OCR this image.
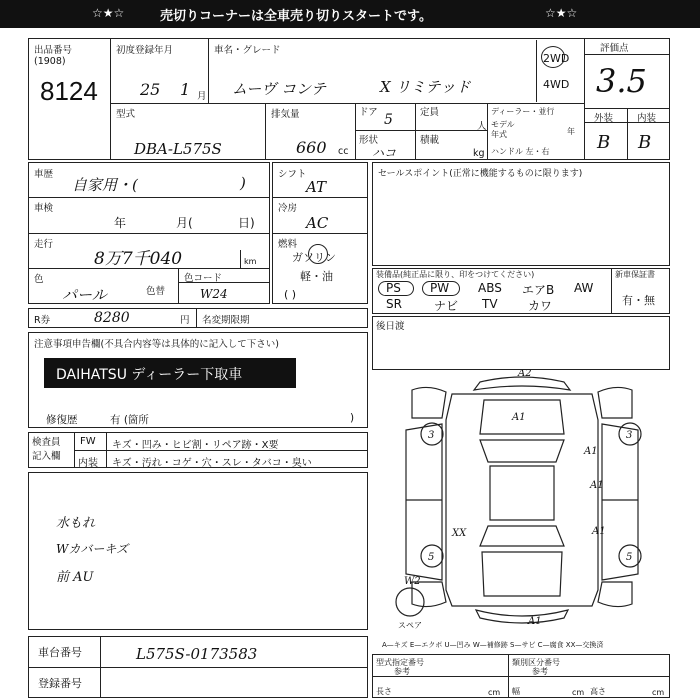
☆★☆	売切りコーナーは全車売り切りスタートです。	☆★☆
出品番号
(1908)
8124
初度登録年月
25 1 月
車名・グレード
ムーヴ コンテ	X リミテッド
2WD
4WD
評価点
3.5
外装	内装
B B
型式
DBA-L575S
排気量
660 cc
ドア 5	定員
人
形状
ハコ
積載
kg
ディーラー・並行
モデル
年式	年
ハンドル 左・右
車歴
自家用・(	)
車検
年	月(	日)
走行
8万7千040	km
色
パール	色替
色コード
W24
シフト
AT
冷房
AC
燃料
ガソリン
軽・油
( )
セールスポイント(正常に機能するものに限ります)
装備品(純正品に限り、印をつけてください)	新車保証書
有・無
PS PW ABS エアB AW
SR	ナビ TV	カワ
R券	8280	円 名変期限期
後日渡
注意事項申告欄(不具合内容等は具体的に記入して下さい)
DAIHATSU ディーラー下取車
修復歴	有 (箇所	)
検査員
記入欄
FW キズ・凹み・ヒビ割・リペア跡・X要
内装 キズ・汚れ・コゲ・穴・スレ・タバコ・臭い
水もれ
Wカバーキズ
前 AU
車台番号	L575S-0173583
登録番号
A2
A1
3	3
A1
A1
XX	A1
5	5
W2
A1
スペア
A—キズ E—エクボ U—凹み W—補修跡 S—サビ C—腐食 XX—交換済
型式指定番号	類別区分番号
参考	参考
長さ	cm 幅	cm 高さ	cm
